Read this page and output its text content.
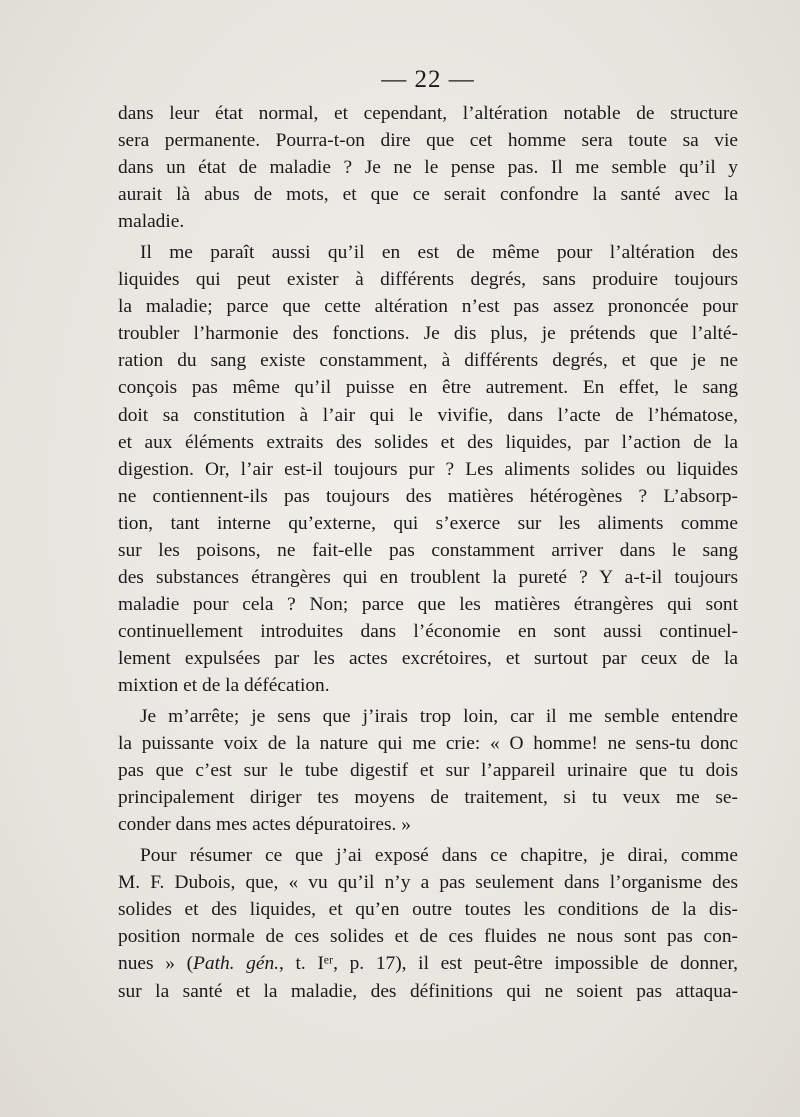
— 22 —
dans leur état normal, et cependant, l’altération notable de structure
sera permanente. Pourra-t-on dire que cet homme sera toute sa vie
dans un état de maladie ? Je ne le pense pas. Il me semble qu’il y
aurait là abus de mots, et que ce serait confondre la santé avec la
maladie.
Il me paraît aussi qu’il en est de même pour l’altération des
liquides qui peut exister à différents degrés, sans produire toujours
la maladie; parce que cette altération n’est pas assez prononcée pour
troubler l’harmonie des fonctions. Je dis plus, je prétends que l’alté-
ration du sang existe constamment, à différents degrés, et que je ne
conçois pas même qu’il puisse en être autrement. En effet, le sang
doit sa constitution à l’air qui le vivifie, dans l’acte de l’hématose,
et aux éléments extraits des solides et des liquides, par l’action de la
digestion. Or, l’air est-il toujours pur ? Les aliments solides ou liquides
ne contiennent-ils pas toujours des matières hétérogènes ? L’absorp-
tion, tant interne qu’externe, qui s’exerce sur les aliments comme
sur les poisons, ne fait-elle pas constamment arriver dans le sang
des substances étrangères qui en troublent la pureté ? Y a-t-il toujours
maladie pour cela ? Non; parce que les matières étrangères qui sont
continuellement introduites dans l’économie en sont aussi continuel-
lement expulsées par les actes excrétoires, et surtout par ceux de la
mixtion et de la défécation.
Je m’arrête; je sens que j’irais trop loin, car il me semble entendre
la puissante voix de la nature qui me crie: « O homme! ne sens-tu donc
pas que c’est sur le tube digestif et sur l’appareil urinaire que tu dois
principalement diriger tes moyens de traitement, si tu veux me se-
conder dans mes actes dépuratoires. »
Pour résumer ce que j’ai exposé dans ce chapitre, je dirai, comme
M. F. Dubois, que, « vu qu’il n’y a pas seulement dans l’organisme des
solides et des liquides, et qu’en outre toutes les conditions de la dis-
position normale de ces solides et de ces fluides ne nous sont pas con-
nues » (Path. gén., t. Iᵉʳ, p. 17), il est peut-être impossible de donner,
sur la santé et la maladie, des définitions qui ne soient pas attaqua-
